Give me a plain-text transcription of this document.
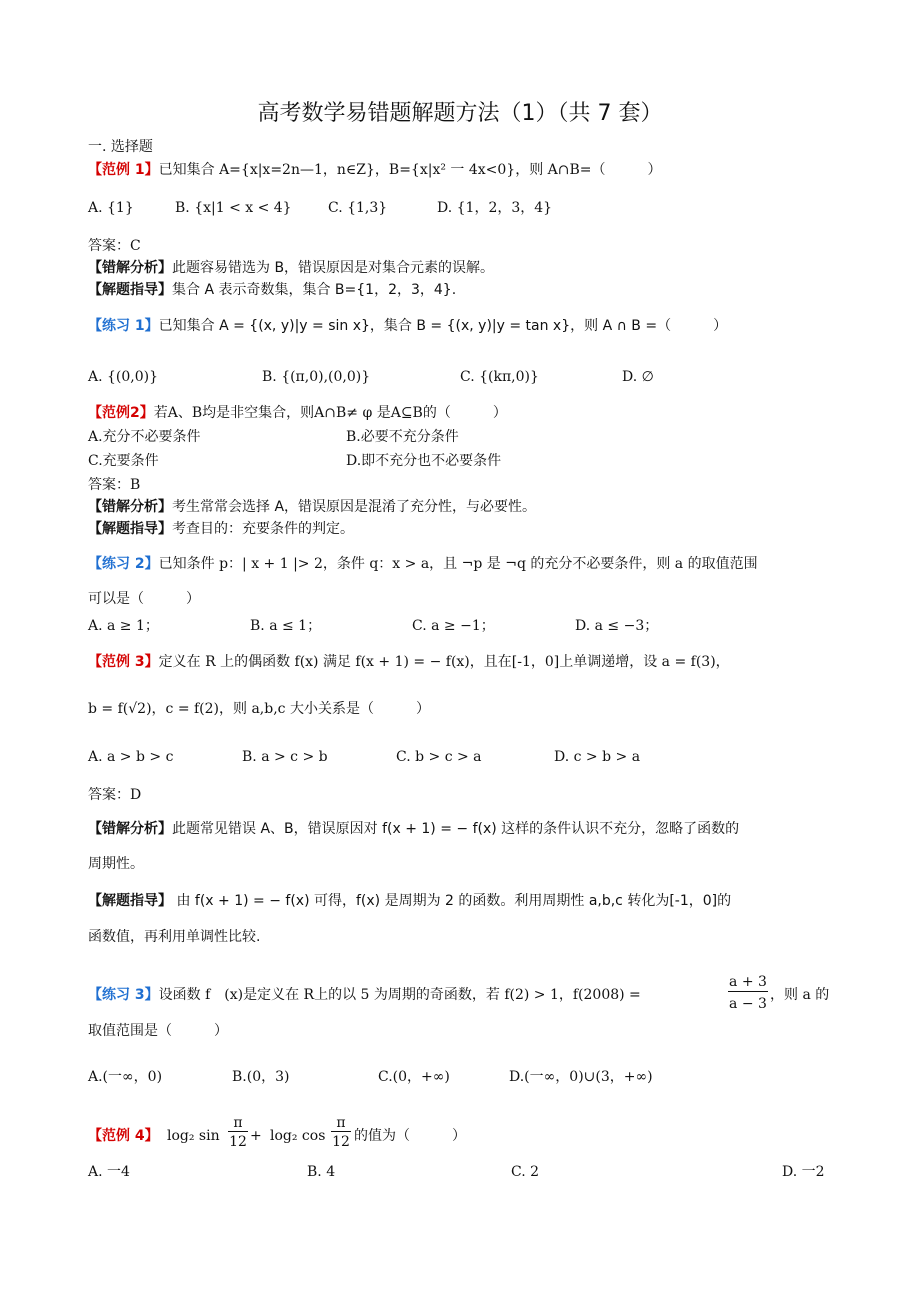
高考数学易错题解题方法（1）（共 7 套）
一. 选择题
【范例 1】已知集合 A={x|x=2n—1，n∈Z}，B={x|x² 一 4x<0}，则 A∩B=（　　　）
A. {1}	B. {x|1 < x < 4}	C. {1,3}	D. {1，2，3，4}
答案：C
【错解分析】此题容易错选为 B，错误原因是对集合元素的误解。
【解题指导】集合 A 表示奇数集，集合 B={1，2，3，4}.
【练习 1】已知集合 A = {(x, y)|y = sin x}，集合 B = {(x, y)|y = tan x}，则 A ∩ B =（　　　）
A. {(0,0)}	B. {(π,0),(0,0)}	C. {(kπ,0)}	D. ∅
【范例2】若A、B均是非空集合，则A∩B≠ φ 是A⊆B的（　　　）
A.充分不必要条件	B.必要不充分条件
C.充要条件	D.即不充分也不必要条件
答案：B
【错解分析】考生常常会选择 A，错误原因是混淆了充分性，与必要性。
【解题指导】考查目的：充要条件的判定。
【练习 2】已知条件 p：| x + 1 |> 2，条件 q：x > a，且 ¬p 是 ¬q 的充分不必要条件，则 a 的取值范围
可以是（　　　）
A. a ≥ 1；	B. a ≤ 1；	C. a ≥ −1；	D. a ≤ −3；
【范例 3】定义在 R 上的偶函数 f(x) 满足 f(x + 1) = − f(x)，且在[-1，0]上单调递增，设 a = f(3)，
b = f(√2)，c = f(2)，则 a,b,c 大小关系是（　　　）
A. a > b > c	B. a > c > b	C. b > c > a	D. c > b > a
答案：D
【错解分析】此题常见错误 A、B，错误原因对 f(x + 1) = − f(x) 这样的条件认识不充分，忽略了函数的
周期性。
【解题指导】 由 f(x + 1) = − f(x) 可得，f(x) 是周期为 2 的函数。利用周期性 a,b,c 转化为[-1，0]的
函数值，再利用单调性比较.
【练习 3】设函数 f　(x)是定义在 R上的以 5 为周期的奇函数，若 f(2) > 1，f(2008) =
a + 3
a − 3
，则 a 的
取值范围是（　　　）
A.(一∞，0)	B.(0，3)	C.(0，+∞)	D.(一∞，0)∪(3，+∞)
【范例 4】 log₂ sin
π
12 + log₂ cos
π
12 的值为（　　　）
A. 一4	B. 4	C. 2	D. 一2
